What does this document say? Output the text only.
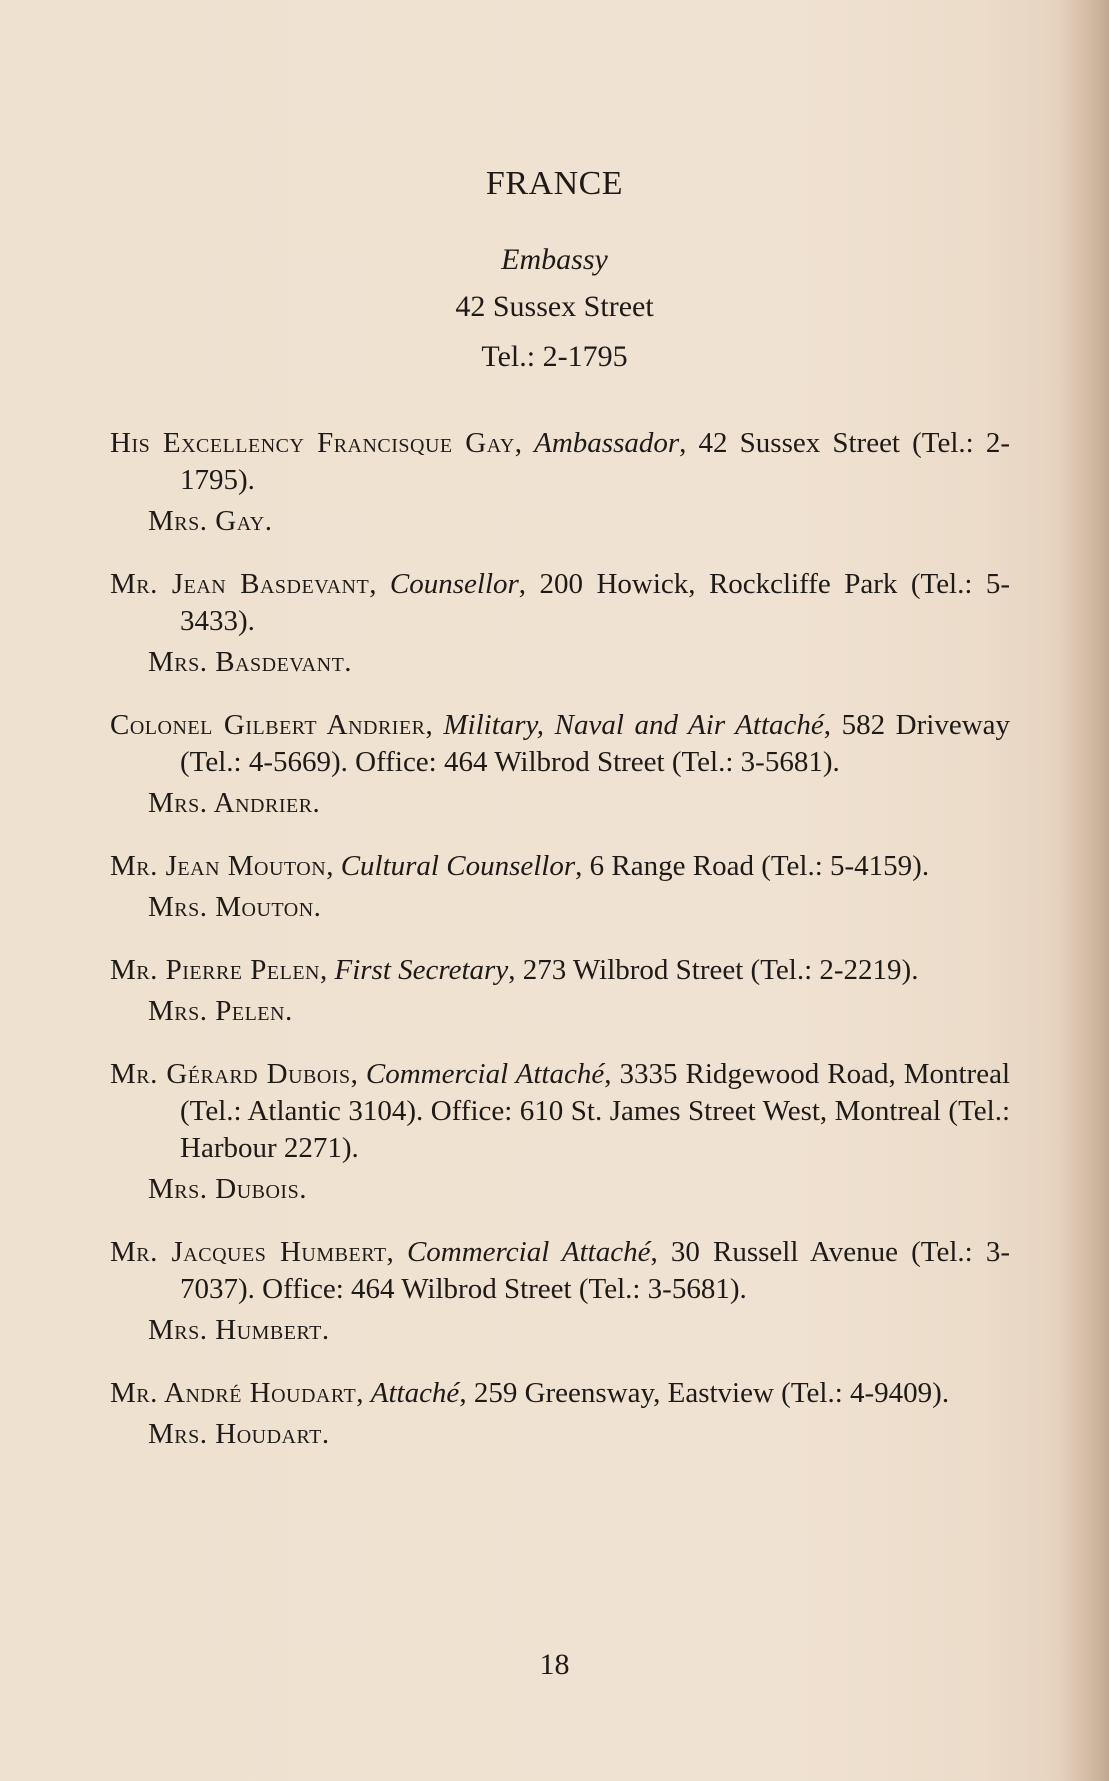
FRANCE
Embassy
42 Sussex Street
Tel.: 2-1795
His Excellency Francisque Gay, Ambassador, 42 Sussex Street (Tel.: 2-1795).
Mrs. Gay.
Mr. Jean Basdevant, Counsellor, 200 Howick, Rockcliffe Park (Tel.: 5-3433).
Mrs. Basdevant.
Colonel Gilbert Andrier, Military, Naval and Air Attaché, 582 Driveway (Tel.: 4-5669). Office: 464 Wilbrod Street (Tel.: 3-5681).
Mrs. Andrier.
Mr. Jean Mouton, Cultural Counsellor, 6 Range Road (Tel.: 5-4159).
Mrs. Mouton.
Mr. Pierre Pelen, First Secretary, 273 Wilbrod Street (Tel.: 2-2219).
Mrs. Pelen.
Mr. Gérard Dubois, Commercial Attaché, 3335 Ridgewood Road, Montreal (Tel.: Atlantic 3104). Office: 610 St. James Street West, Montreal (Tel.: Harbour 2271).
Mrs. Dubois.
Mr. Jacques Humbert, Commercial Attaché, 30 Russell Avenue (Tel.: 3-7037). Office: 464 Wilbrod Street (Tel.: 3-5681).
Mrs. Humbert.
Mr. André Houdart, Attaché, 259 Greensway, Eastview (Tel.: 4-9409).
Mrs. Houdart.
18
